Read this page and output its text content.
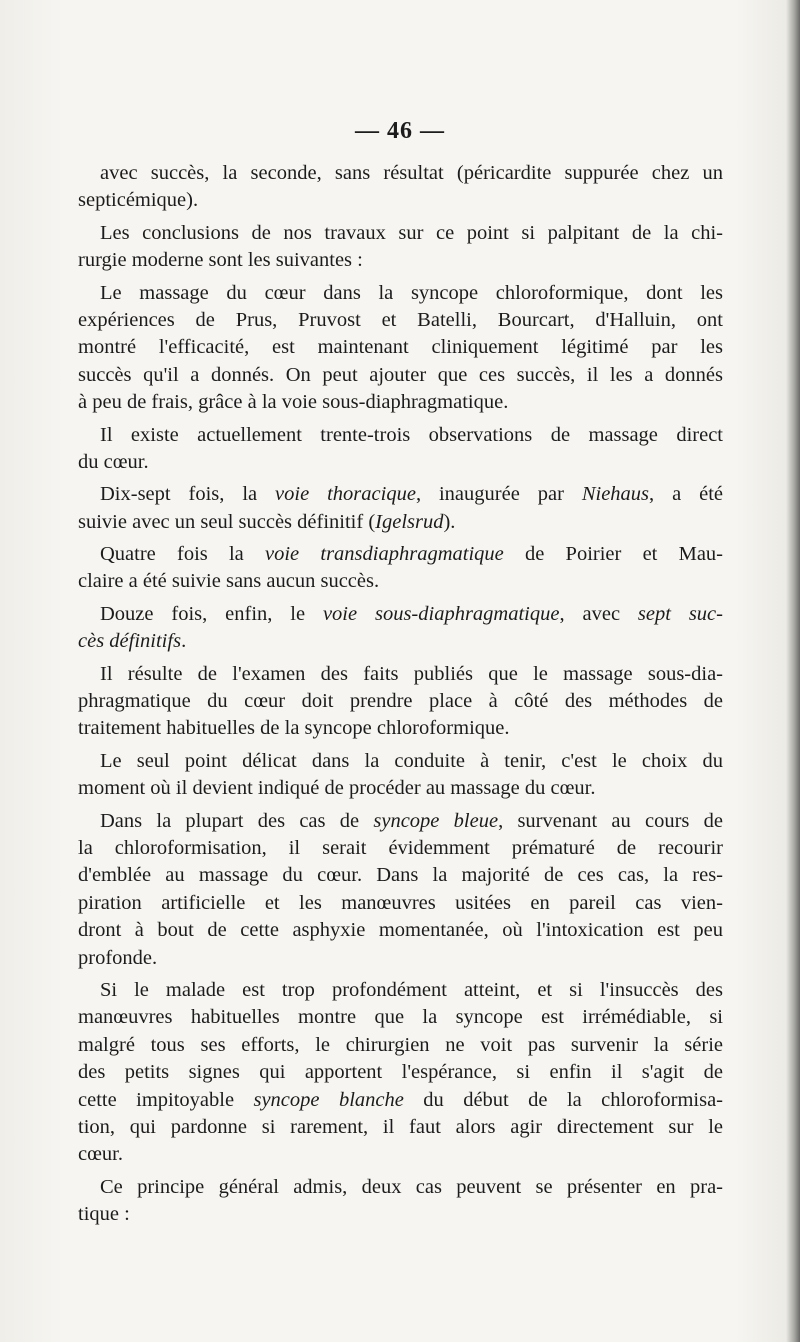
— 46 —
avec succès, la seconde, sans résultat (péricardite suppurée chez un
septicémique).
Les conclusions de nos travaux sur ce point si palpitant de la chi-
rurgie moderne sont les suivantes :
Le massage du cœur dans la syncope chloroformique, dont les
expériences de Prus, Pruvost et Batelli, Bourcart, d'Halluin, ont
montré l'efficacité, est maintenant cliniquement légitimé par les
succès qu'il a donnés. On peut ajouter que ces succès, il les a donnés
à peu de frais, grâce à la voie sous-diaphragmatique.
Il existe actuellement trente-trois observations de massage direct
du cœur.
Dix-sept fois, la voie thoracique, inaugurée par Niehaus, a été
suivie avec un seul succès définitif (Igelsrud).
Quatre fois la voie transdiaphragmatique de Poirier et Mau-
claire a été suivie sans aucun succès.
Douze fois, enfin, le voie sous-diaphragmatique, avec sept suc-
cès définitifs.
Il résulte de l'examen des faits publiés que le massage sous-dia-
phragmatique du cœur doit prendre place à côté des méthodes de
traitement habituelles de la syncope chloroformique.
Le seul point délicat dans la conduite à tenir, c'est le choix du
moment où il devient indiqué de procéder au massage du cœur.
Dans la plupart des cas de syncope bleue, survenant au cours de
la chloroformisation, il serait évidemment prématuré de recourir
d'emblée au massage du cœur. Dans la majorité de ces cas, la res-
piration artificielle et les manœuvres usitées en pareil cas vien-
dront à bout de cette asphyxie momentanée, où l'intoxication est peu
profonde.
Si le malade est trop profondément atteint, et si l'insuccès des
manœuvres habituelles montre que la syncope est irrémédiable, si
malgré tous ses efforts, le chirurgien ne voit pas survenir la série
des petits signes qui apportent l'espérance, si enfin il s'agit de
cette impitoyable syncope blanche du début de la chloroformisa-
tion, qui pardonne si rarement, il faut alors agir directement sur le
cœur.
Ce principe général admis, deux cas peuvent se présenter en pra-
tique :
